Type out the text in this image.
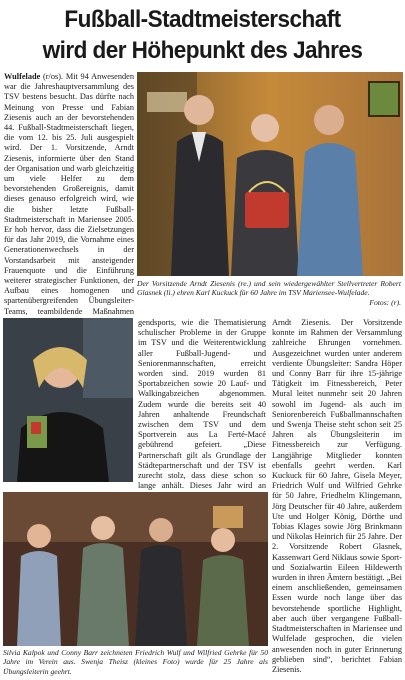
Fußball-Stadtmeisterschaft
wird der Höhepunkt des Jahres

Wulfelade (r/os). Mit 94 Anwesenden war die Jahreshauptversammlung des TSV bestens besucht. Das dürfte nach Meinung von Presse und Fabian Ziesenis auch an der bevorstehenden 44. Fußball-Stadtmeisterschaft liegen, die vom 12. bis 25. Juli ausgespielt wird. Der 1. Vorsitzende, Arndt Ziesenis, informierte über den Stand der Organisation und warb gleichzeitig um viele Helfer zu dem bevorstehenden Großereignis, damit dieses genauso erfolgreich wird, wie die bisher letzte Fußball-Stadtmeisterschaft in Mariensee 2005. Er hob hervor, dass die Zielsetzungen für das Jahr 2019, die Vornahme eines Generationenwechsels in der Vorstandsarbeit mit ansteigender Frauenquote und die Einführung weiterer strategischer Funktionen, der Aufbau eines homogenen und spartenübergreifenden Übungsleiter-Teams, teambildende Maßnahmen

Der Vorsitzende Arndt Ziesenis (re.) und sein wiedergewählter Stellvertreter Robert Glasnek (li.) ehren Karl Kuckuck für 60 Jahre im TSV Mariensee-Wulfelade.
Fotos: (r).

gendsports, wie die Thematisierung schulischer Probleme in der Gruppe im TSV und die Weiterentwicklung aller Fußball-Jugend- und Seniorenmannschaften, erreicht worden sind. 2019 wurden 81 Sportabzeichen sowie 20 Lauf- und Walkingabzeichen abgenommen. Zudem wurde die bereits seit 40 Jahren anhaltende Freundschaft zwischen dem TSV und dem Sportverein aus La Ferté-Macé gebührend gefeiert. „Diese Partnerschaft gilt als Grundlage der Städtepartnerschaft und der TSV ist zurecht stolz, dass diese schon so lange anhält. Dieses Jahr wird an

Arndt Ziesenis. Der Vorsitzende konnte im Rahmen der Versammlung zahlreiche Ehrungen vornehmen. Ausgezeichnet wurden unter anderem verdiente Übungsleiter: Sandra Höper und Conny Barr für ihre 15-jährige Tätigkeit im Fitnessbereich, Peter Mural leitet nunmehr seit 20 Jahren sowohl im Jugend- als auch im Seniorenbereich Fußballmannschaften und Swenja Theise steht schon seit 25 Jahren als Übungsleiterin im Fitnessbereich zur Verfügung. Langjährige Mitglieder konnten ebenfalls geehrt werden. Karl Kuckuck für 60 Jahre, Gisela Meyer, Friedrich Wulf und Wilfried Gehrke für 50 Jahre, Friedhelm Klingemann, Jörg Deutscher für 40 Jahre, außerdem Ute und Holger König, Dörthe und Tobias Klages sowie Jörg Brinkmann und Nikolas Heinrich für 25 Jahre. Der 2. Vorsitzende Robert Glasnek, Kassenwart Gerd Niklaus sowie Sport- und Sozialwartin Eileen Hildewerth wurden in ihren Ämtern bestätigt. „Bei einem anschließenden, gemeinsamen Essen wurde noch lange über das bevorstehende sportliche Highlight, aber auch über vergangene Fußball-Stadtmeisterschaften in Mariensee und Wulfelade gesprochen, die vielen anwesenden noch in guter Erinnerung geblieben sind“, berichtet Fabian Ziesenis.

Silvia Kalpok und Conny Barr zeichneten Friedrich Wulf und Wilfried Gehrke für 50 Jahre im Verein aus. Swenja Theisz (kleines Foto) wurde für 25 Jahre als Übungsleiterin geehrt.
